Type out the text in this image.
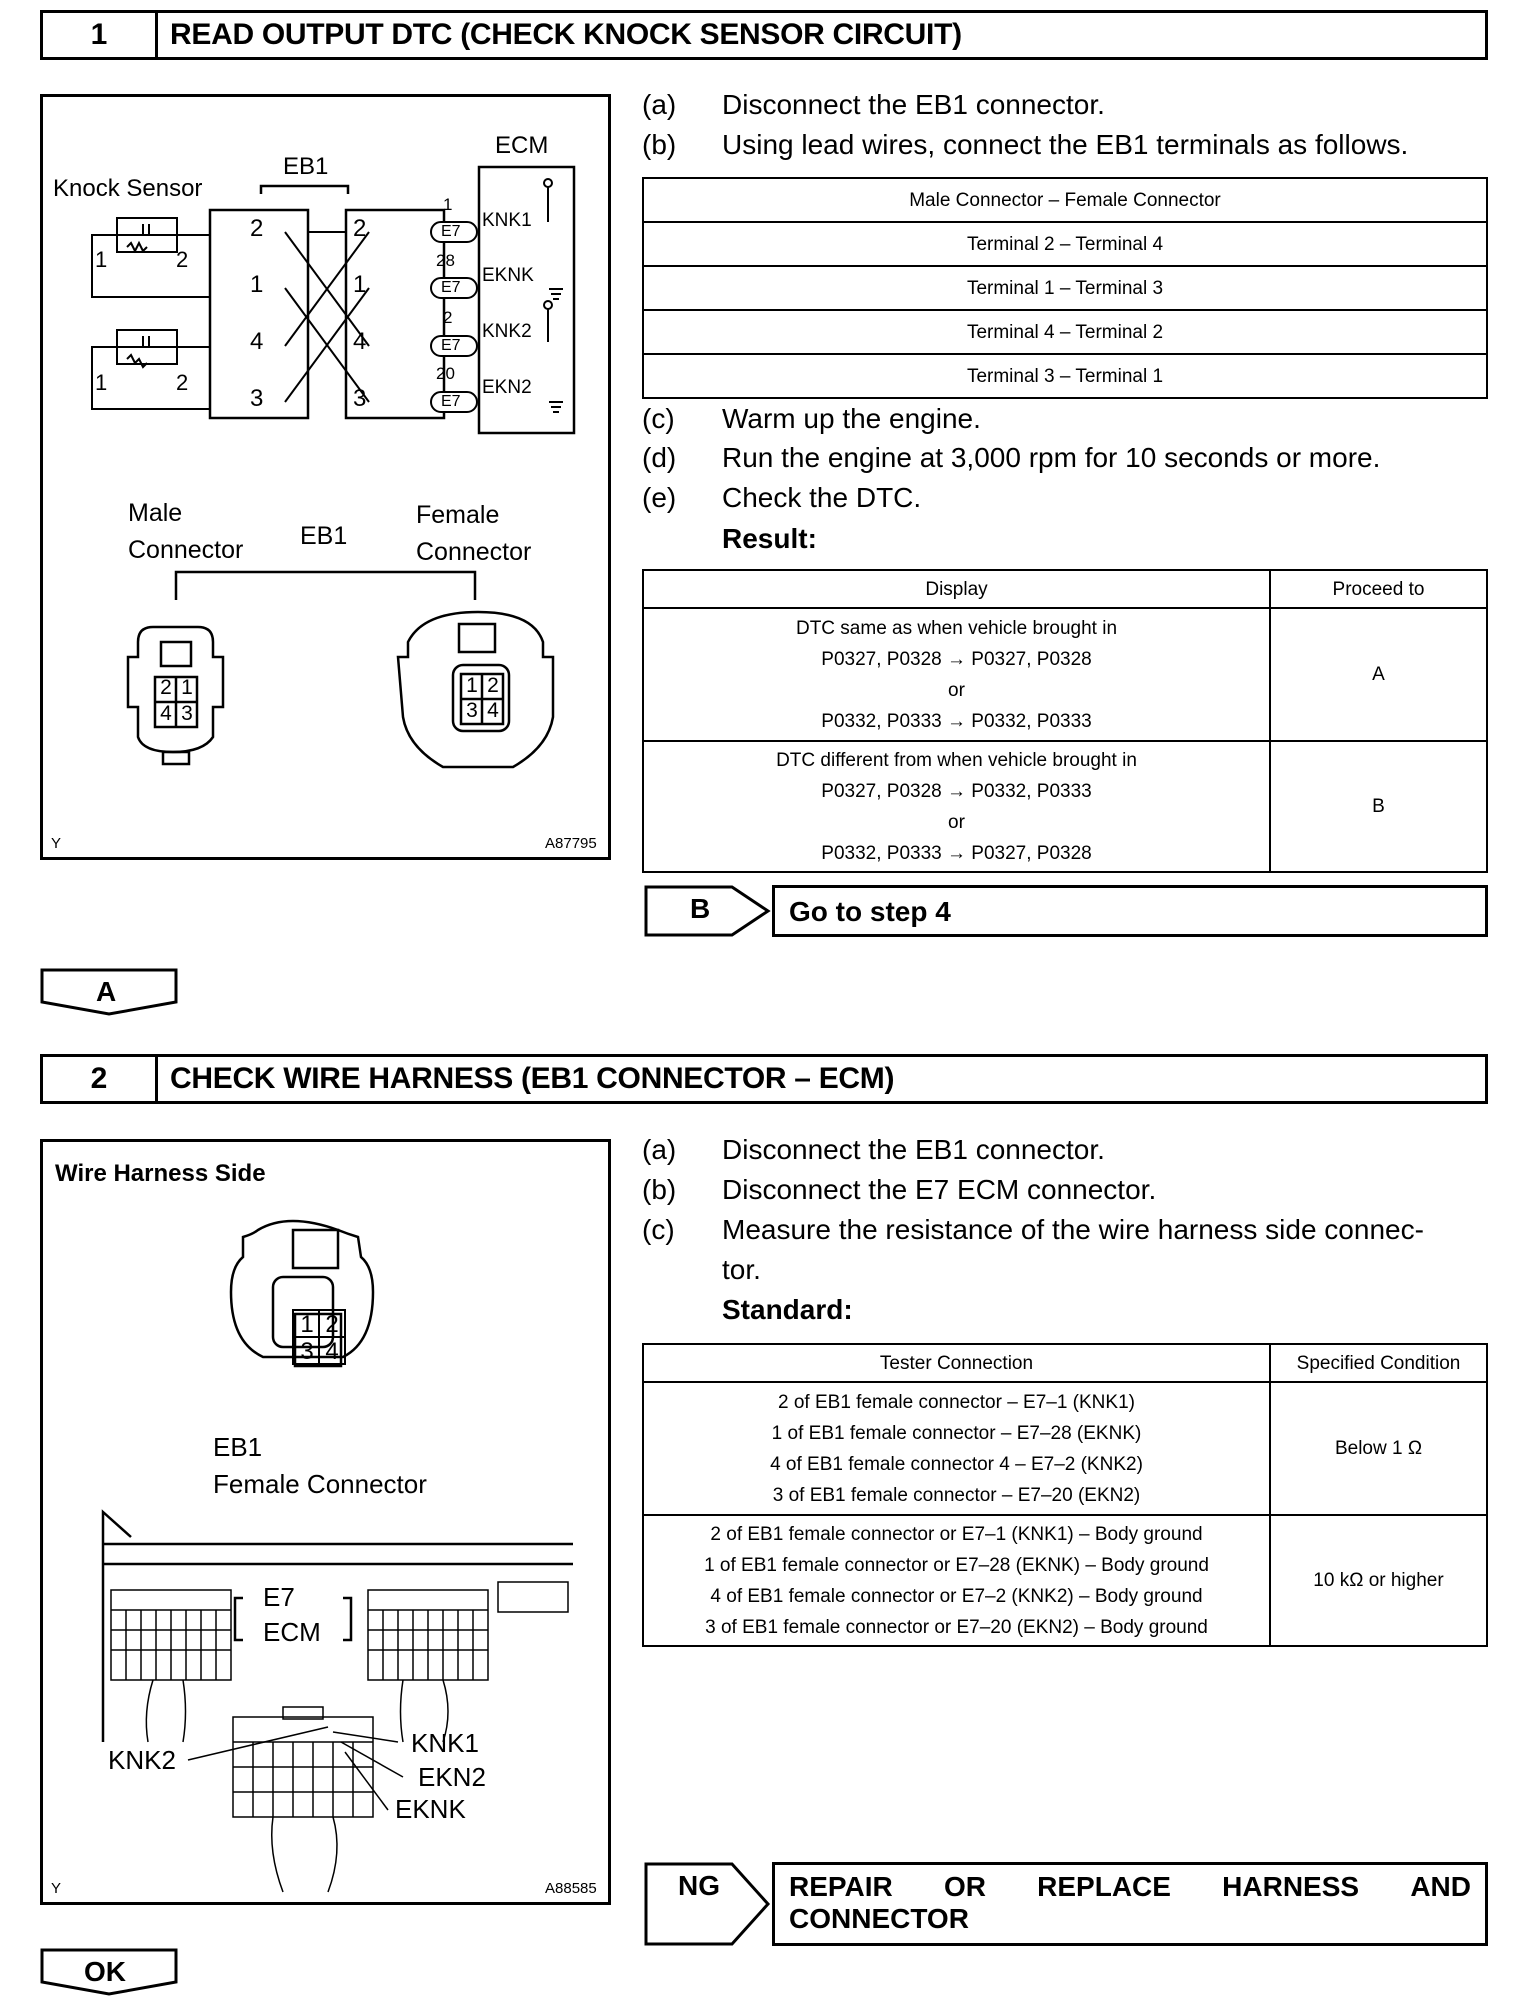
1	READ OUTPUT DTC (CHECK KNOCK SENSOR CIRCUIT)
ECM
EB1
Knock Sensor
2
1
4
3
2
1
4
3
1	2
1	2
1
28
2
20
E7
E7
E7
E7
KNK1
EKNK
KNK2
EKN2
Male
Connector EB1
Female
Connector
2 1
4 3
1 2
3 4
Y	A87795
(a)	Disconnect the EB1 connector.
(b)	Using lead wires, connect the EB1 terminals as follows.
Male Connector – Female Connector
Terminal 2 – Terminal 4
Terminal 1 – Terminal 3
Terminal 4 – Terminal 2
Terminal 3 – Terminal 1
(c)	Warm up the engine.
(d)	Run the engine at 3,000 rpm for 10 seconds or more.
(e)	Check the DTC.
Result:
Display	Proceed to

DTC same as when vehicle brought in
P0327, P0328 → P0327, P0328
or
P0332, P0333 → P0332, P0333	A

DTC different from when vehicle brought in
P0327, P0328 → P0332, P0333
or
P0332, P0333 → P0327, P0328	B
B	Go to step 4
A
2	CHECK WIRE HARNESS (EB1 CONNECTOR – ECM)
Wire Harness Side
1 2
3 4
EB1
Female Connector
E7
ECM
KNK2
KNK1
EKN2
EKNK
Y	A88585
(a)	Disconnect the EB1 connector.
(b)	Disconnect the E7 ECM connector.
(c)	Measure the resistance of the wire harness side connec-
tor.
Standard:
Tester Connection	Specified Condition

2 of EB1 female connector – E7–1 (KNK1)
1 of EB1 female connector – E7–28 (EKNK)
4 of EB1 female connector 4 – E7–2 (KNK2)
3 of EB1 female connector – E7–20 (EKN2)	Below 1 Ω

2 of EB1 female connector or E7–1 (KNK1) – Body ground
1 of EB1 female connector or E7–28 (EKNK) – Body ground
4 of EB1 female connector or E7–2 (KNK2) – Body ground
3 of EB1 female connector or E7–20 (EKN2) – Body ground	10 kΩ or higher
NG REPAIR OR REPLACE HARNESS AND
CONNECTOR
OK
